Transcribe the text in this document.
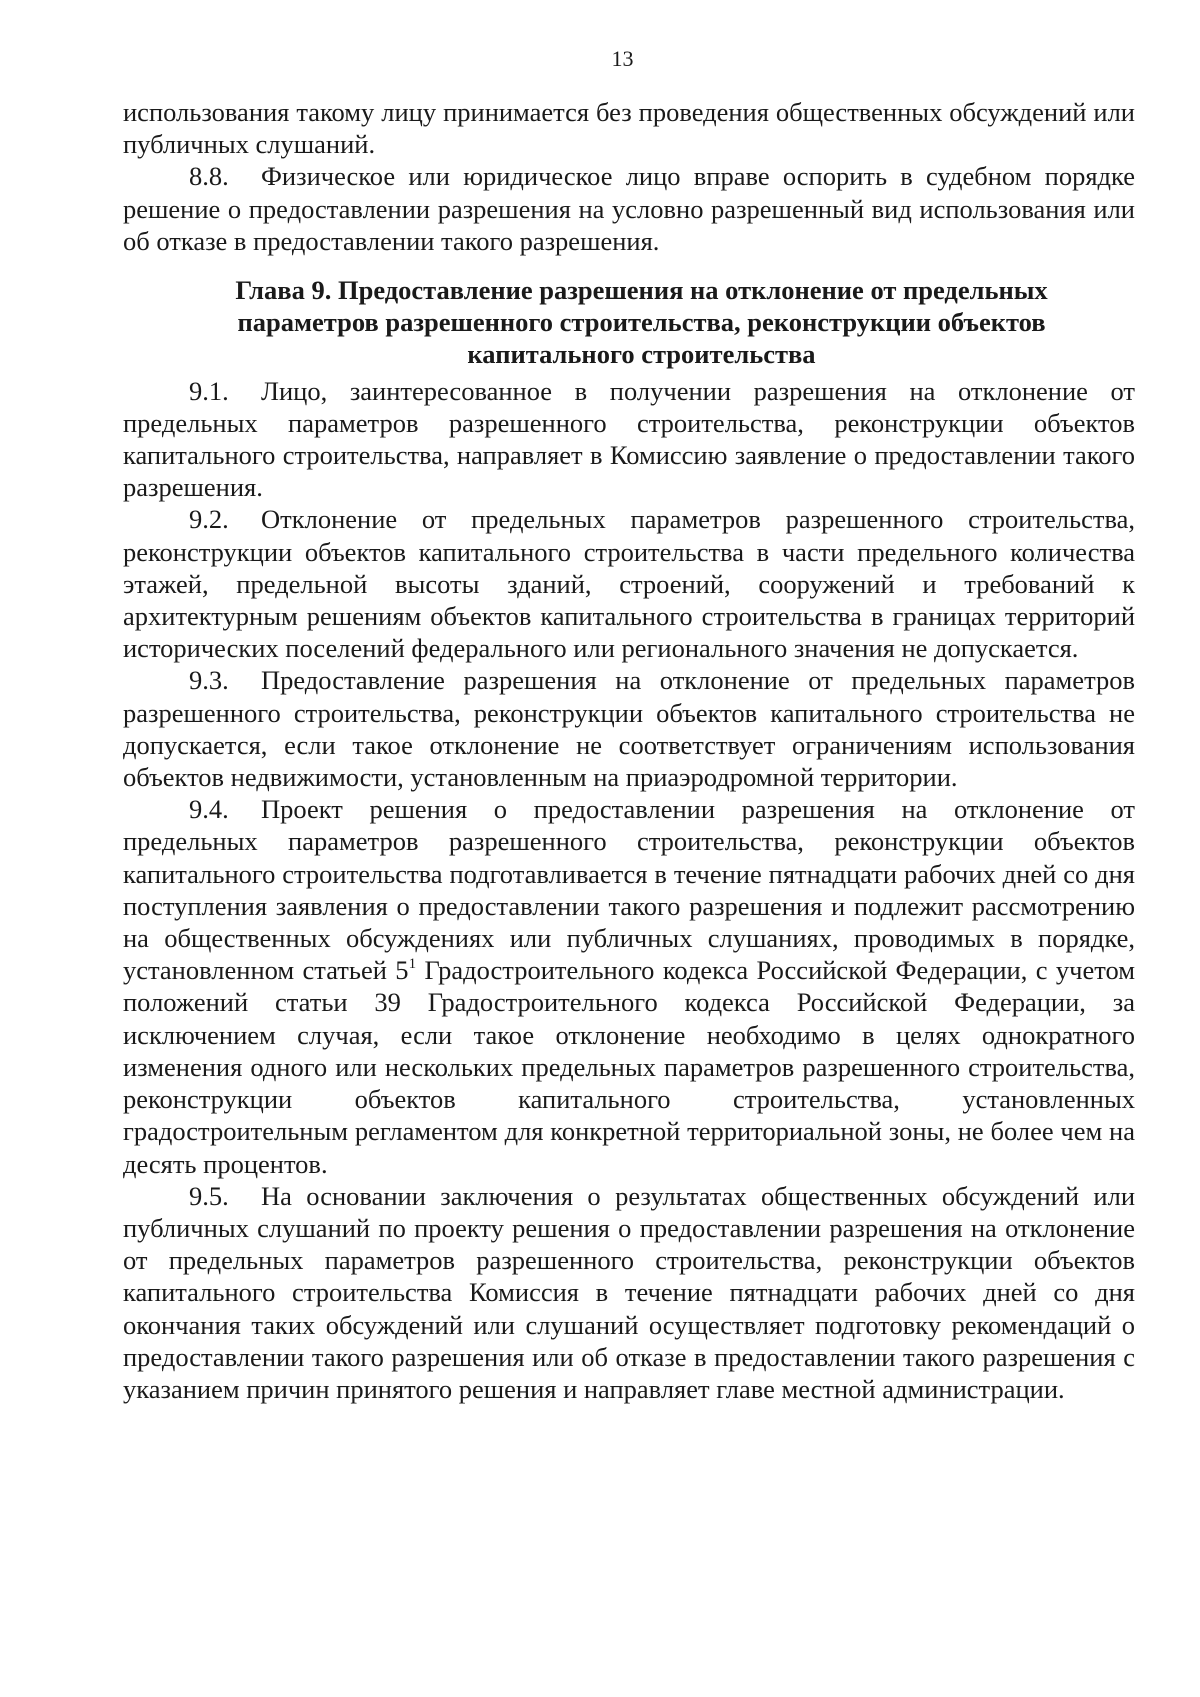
13

использования такому лицу принимается без проведения общественных обсуждений или публичных слушаний.

8.8. Физическое или юридическое лицо вправе оспорить в судебном порядке решение о предоставлении разрешения на условно разрешенный вид использования или об отказе в предоставлении такого разрешения.

Глава 9. Предоставление разрешения на отклонение от предельных
параметров разрешенного строительства, реконструкции объектов
капитального строительства

9.1. Лицо, заинтересованное в получении разрешения на отклонение от предельных параметров разрешенного строительства, реконструкции объектов капитального строительства, направляет в Комиссию заявление о предоставлении такого разрешения.

9.2. Отклонение от предельных параметров разрешенного строительства, реконструкции объектов капитального строительства в части предельного количества этажей, предельной высоты зданий, строений, сооружений и требований к архитектурным решениям объектов капитального строительства в границах территорий исторических поселений федерального или регионального значения не допускается.

9.3. Предоставление разрешения на отклонение от предельных параметров разрешенного строительства, реконструкции объектов капитального строительства не допускается, если такое отклонение не соответствует ограничениям использования объектов недвижимости, установленным на приаэродромной территории.

9.4. Проект решения о предоставлении разрешения на отклонение от предельных параметров разрешенного строительства, реконструкции объектов капитального строительства подготавливается в течение пятнадцати рабочих дней со дня поступления заявления о предоставлении такого разрешения и подлежит рассмотрению на общественных обсуждениях или публичных слушаниях, проводимых в порядке, установленном статьей $5^1$ Градостроительного кодекса Российской Федерации, с учетом положений статьи 39 Градостроительного кодекса Российской Федерации, за исключением случая, если такое отклонение необходимо в целях однократного изменения одного или нескольких предельных параметров разрешенного строительства, реконструкции объектов капитального строительства, установленных градостроительным регламентом для конкретной территориальной зоны, не более чем на десять процентов.

9.5. На основании заключения о результатах общественных обсуждений или публичных слушаний по проекту решения о предоставлении разрешения на отклонение от предельных параметров разрешенного строительства, реконструкции объектов капитального строительства Комиссия в течение пятнадцати рабочих дней со дня окончания таких обсуждений или слушаний осуществляет подготовку рекомендаций о предоставлении такого разрешения или об отказе в предоставлении такого разрешения с указанием причин принятого решения и направляет главе местной администрации.
